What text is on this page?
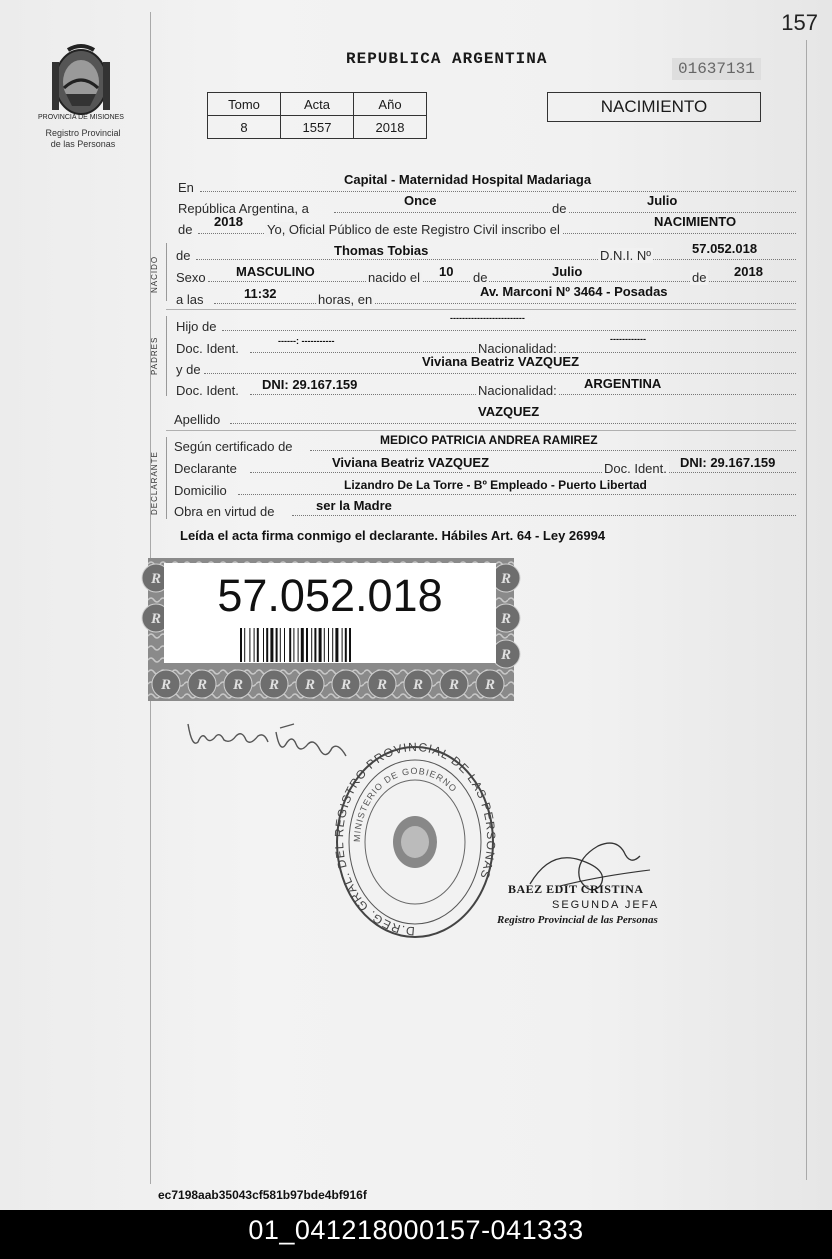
157
PROVINCIA DE MISIONES
Registro Provincial
de las Personas
REPUBLICA ARGENTINA
01637131
Tomo	Acta	Año
8	1557	2018
NACIMIENTO
En
Capital - Maternidad Hospital Madariaga
República Argentina, a
Once
de
Julio
de
2018
Yo, Oficial Público de este Registro Civil inscribo el
NACIMIENTO
NACIDO
de	Thomas Tobias	D.N.I. Nº	57.052.018
Sexo MASCULINO	nacido el 10 de	Julio	de 2018
a las	11:32	horas, en
Av. Marconi Nº 3464 - Posadas
PADRES
Hijo de
-------------------------
Doc. Ident.	------: -----------	Nacionalidad:
------------
y de
Viviana Beatriz VAZQUEZ
Doc. Ident. DNI: 29.167.159	Nacionalidad: ARGENTINA
Apellido
VAZQUEZ
DECLARANTE
Según certificado de	MEDICO PATRICIA ANDREA RAMIREZ
Declarante	Viviana Beatriz VAZQUEZ	Doc. Ident. DNI: 29.167.159
Domicilio	Lizandro De La Torre - Bº Empleado - Puerto Libertad
Obra en virtud de	ser la Madre
Leída el acta firma conmigo el declarante. Hábiles Art. 64 - Ley 26994
R R R R R R R R R R
R
R
R
R
R
57.052.018
D.REG. GRAL. DEL REGISTRO PROVINCIAL DE LAS PERSONAS
MINISTERIO DE GOBIERNO
BAEZ EDIT CRISTINA
SEGUNDA JEFA
Registro Provincial de las Personas
ec7198aab35043cf581b97bde4bf916f
01_041218000157-041333
